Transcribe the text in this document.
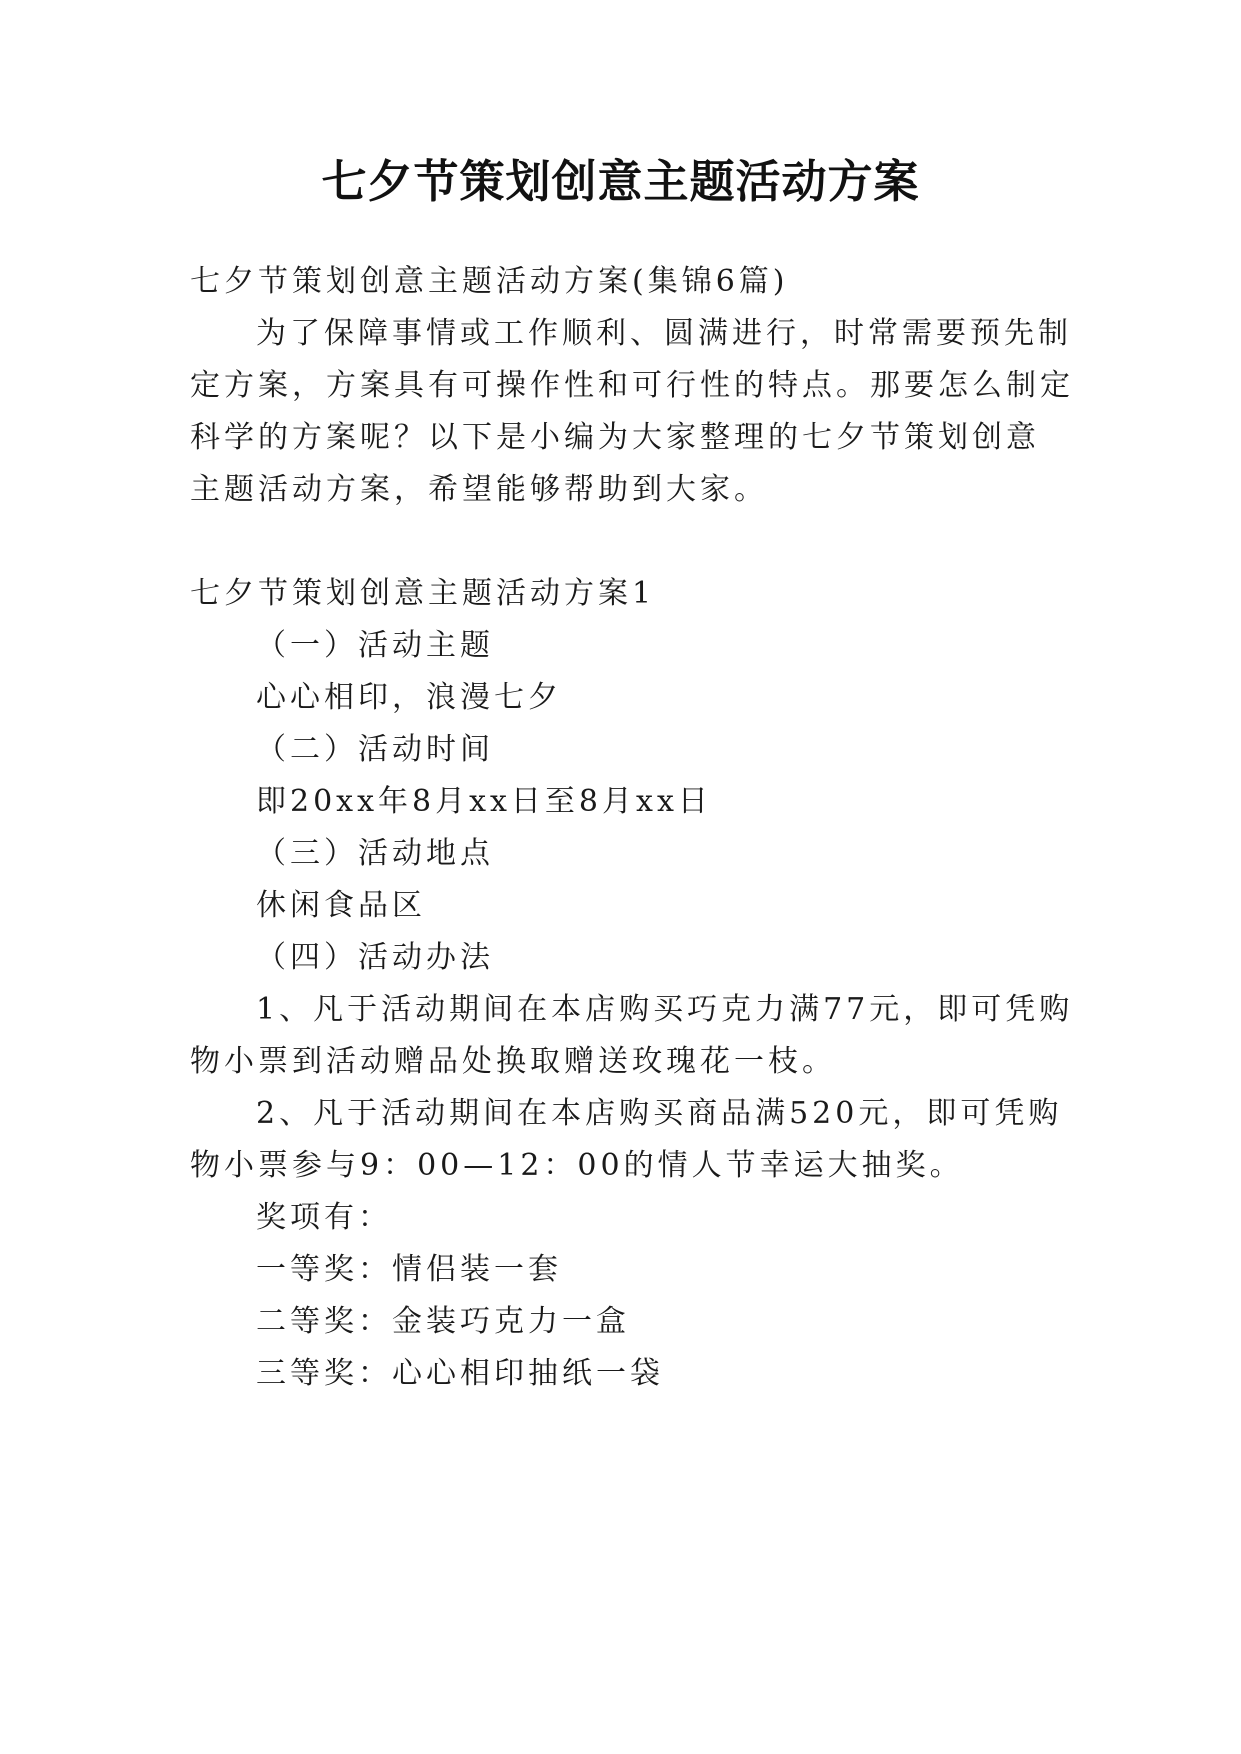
七夕节策划创意主题活动方案

七夕节策划创意主题活动方案(集锦6篇)

为了保障事情或工作顺利、圆满进行，时常需要预先制

定方案，方案具有可操作性和可行性的特点。那要怎么制定

科学的方案呢？以下是小编为大家整理的七夕节策划创意

主题活动方案，希望能够帮助到大家。

七夕节策划创意主题活动方案1

（一）活动主题

心心相印，浪漫七夕

（二）活动时间

即20xx年8月xx日至8月xx日

（三）活动地点

休闲食品区

（四）活动办法

1、凡于活动期间在本店购买巧克力满77元，即可凭购

物小票到活动赠品处换取赠送玫瑰花一枝。

2、凡于活动期间在本店购买商品满520元，即可凭购

物小票参与9：00—12：00的情人节幸运大抽奖。

奖项有：

一等奖：情侣装一套

二等奖：金装巧克力一盒

三等奖：心心相印抽纸一袋
